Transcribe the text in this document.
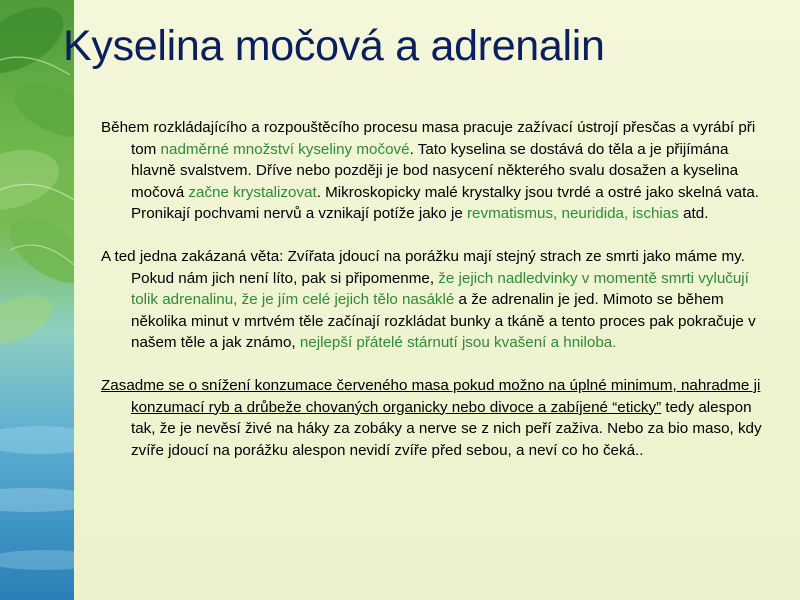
Kyselina močová a adrenalin

Během rozkládajícího a rozpouštěcího procesu masa pracuje zažívací ústrojí přesčas a vyrábí při tom nadměrné množství kyseliny močové. Tato kyselina se dostává do těla a je přijímána hlavně svalstvem. Dříve nebo později je bod nasycení některého svalu dosažen a kyselina močová začne krystalizovat. Mikroskopicky malé krystalky jsou tvrdé a ostré jako skelná vata. Pronikají pochvami nervů a vznikají potíže jako je revmatismus, neuridida, ischias atd.

A ted jedna zakázaná věta: Zvířata jdoucí na porážku mají stejný strach ze smrti jako máme my. Pokud nám jich není líto, pak si připomenme, že jejich nadledvinky v momentě smrti vylučují tolik adrenalinu, že je jím celé jejich tělo nasáklé a že adrenalin je jed. Mimoto se během několika minut v mrtvém těle začínají rozkládat bunky a tkáně a tento proces pak pokračuje v našem těle a jak známo, nejlepší přátelé stárnutí jsou kvašení a hniloba.

Zasadme se o snížení konzumace červeného masa pokud možno na úplné minimum, nahradme ji konzumací ryb a drůbeže chovaných organicky nebo divoce a zabíjené “eticky” tedy alespon tak, že je nevěsí živé na háky za zobáky a nerve se z nich peří zaživa. Nebo za bio maso, kdy zvíře jdoucí na porážku alespon nevidí zvíře před sebou, a neví co ho čeká..
